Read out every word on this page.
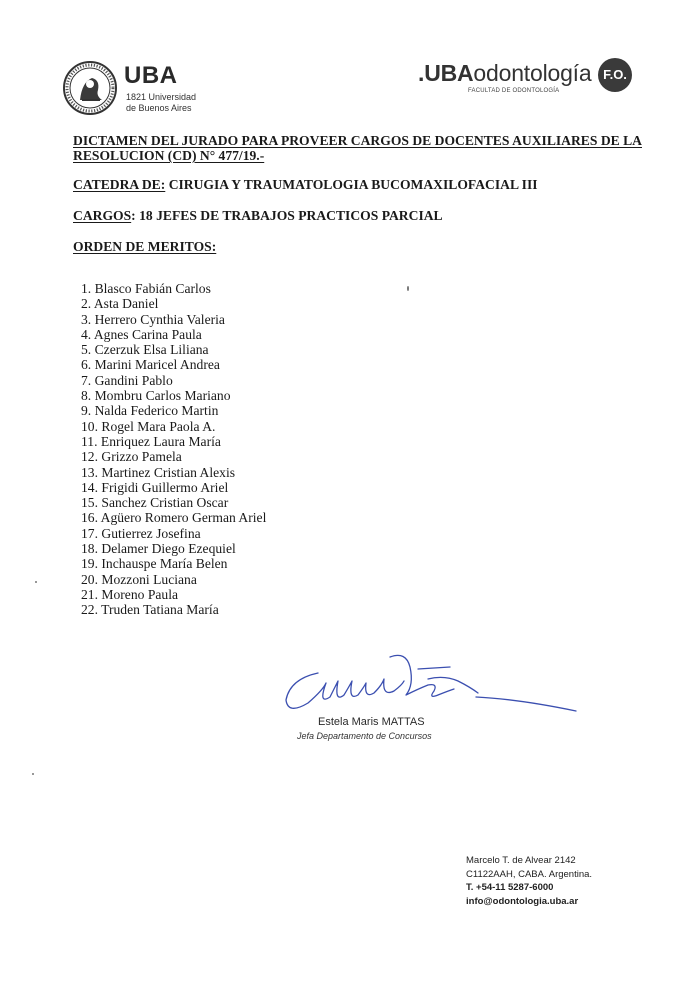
UBA
1821 Universidad
de Buenos Aires
.UBAodontología
FACULTAD DE ODONTOLOGÍA
F.O.
DICTAMEN DEL JURADO PARA PROVEER CARGOS DE DOCENTES AUXILIARES DE LA
RESOLUCION (CD) N° 477/19.-
CATEDRA DE: CIRUGIA Y TRAUMATOLOGIA BUCOMAXILOFACIAL III
CARGOS: 18 JEFES DE TRABAJOS PRACTICOS PARCIAL
ORDEN DE MERITOS:
1. Blasco Fabián Carlos
2. Asta Daniel
3. Herrero Cynthia Valeria
4. Agnes Carina Paula
5. Czerzuk Elsa Liliana
6. Marini Maricel Andrea
7. Gandini Pablo
8. Mombru Carlos Mariano
9. Nalda Federico Martin
10. Rogel Mara Paola A.
11. Enriquez Laura María
12. Grizzo Pamela
13. Martinez Cristian Alexis
14. Frigidi Guillermo Ariel
15. Sanchez Cristian Oscar
16. Agüero Romero German Ariel
17. Gutierrez Josefina
18. Delamer Diego Ezequiel
19. Inchauspe María Belen
20. Mozzoni Luciana
21. Moreno Paula
22. Truden Tatiana María
Estela Maris MATTAS
Jefa Departamento de Concursos
Marcelo T. de Alvear 2142
C1122AAH, CABA. Argentina.
T. +54-11 5287-6000
info@odontologia.uba.ar
